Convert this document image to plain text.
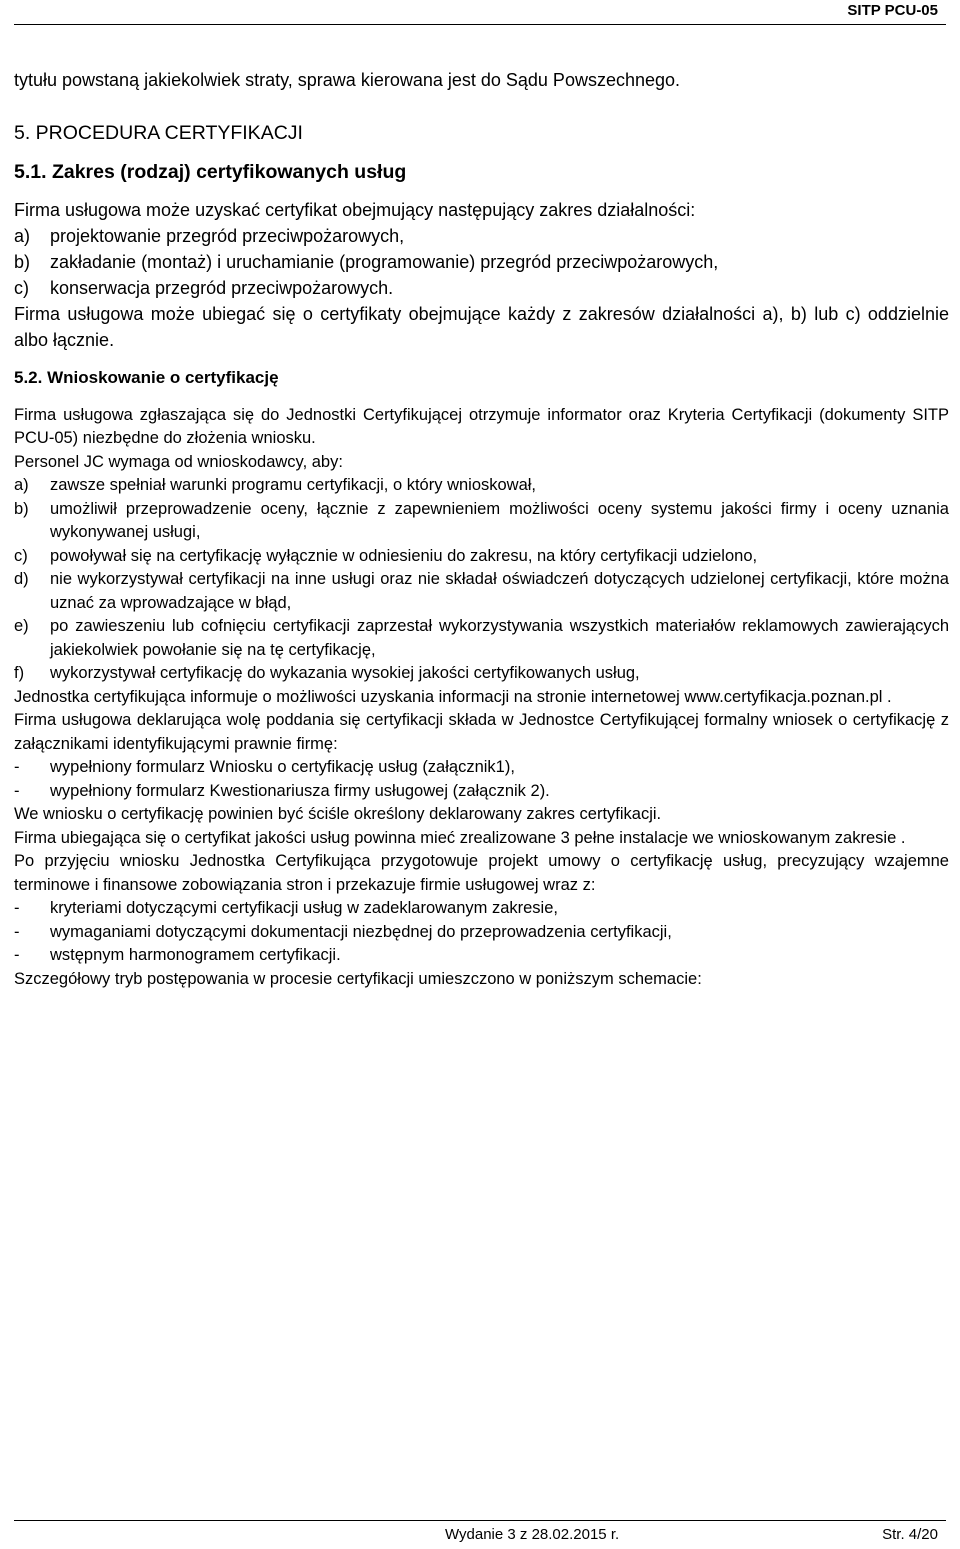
SITP PCU-05

tytułu powstaną jakiekolwiek straty, sprawa kierowana jest do Sądu Powszechnego.

5. PROCEDURA CERTYFIKACJI

5.1. Zakres (rodzaj) certyfikowanych usług

Firma usługowa może uzyskać certyfikat obejmujący następujący zakres działalności:

a)	projektowanie przegród przeciwpożarowych,
b)	zakładanie (montaż) i uruchamianie (programowanie) przegród przeciwpożarowych,
c)	konserwacja przegród przeciwpożarowych.

Firma usługowa może ubiegać się o certyfikaty obejmujące każdy z zakresów działalności a), b) lub c) oddzielnie albo łącznie.

5.2. Wnioskowanie o certyfikację

Firma usługowa zgłaszająca się do Jednostki Certyfikującej otrzymuje informator oraz Kryteria Certyfikacji (dokumenty SITP PCU-05) niezbędne do złożenia wniosku.

Personel JC wymaga od wnioskodawcy, aby:

a)	zawsze spełniał warunki programu certyfikacji, o który wnioskował,
b)	umożliwił przeprowadzenie oceny, łącznie z zapewnieniem możliwości oceny systemu jakości firmy i oceny uznania wykonywanej usługi,
c)	powoływał się na certyfikację wyłącznie w odniesieniu do zakresu, na który certyfikacji udzielono,
d)	nie wykorzystywał certyfikacji na inne usługi oraz nie składał oświadczeń dotyczących udzielonej certyfikacji, które można uznać za wprowadzające w błąd,
e)	po zawieszeniu lub cofnięciu certyfikacji zaprzestał wykorzystywania wszystkich materiałów reklamowych zawierających jakiekolwiek powołanie się na tę certyfikację,
f)	wykorzystywał certyfikację do wykazania wysokiej jakości certyfikowanych usług,

Jednostka certyfikująca informuje o możliwości uzyskania informacji na stronie internetowej www.certyfikacja.poznan.pl .

Firma usługowa deklarująca wolę poddania się certyfikacji składa w Jednostce Certyfikującej formalny wniosek o certyfikację z załącznikami identyfikującymi prawnie firmę:

-	wypełniony formularz Wniosku o certyfikację usług (załącznik1),
-	wypełniony formularz Kwestionariusza firmy usługowej (załącznik 2).

We wniosku o certyfikację powinien być ściśle określony deklarowany zakres certyfikacji.

Firma ubiegająca się o certyfikat jakości usług powinna mieć zrealizowane 3 pełne instalacje we wnioskowanym zakresie .

Po przyjęciu wniosku Jednostka Certyfikująca przygotowuje projekt umowy o certyfikację usług, precyzujący wzajemne terminowe i finansowe zobowiązania stron i przekazuje firmie usługowej wraz z:

-	kryteriami dotyczącymi certyfikacji usług w zadeklarowanym zakresie,
-	wymaganiami dotyczącymi dokumentacji niezbędnej do przeprowadzenia certyfikacji,
-	wstępnym harmonogramem certyfikacji.

Szczegółowy tryb postępowania w procesie certyfikacji umieszczono w poniższym schemacie:

Wydanie 3 z 28.02.2015 r.	Str. 4/20
